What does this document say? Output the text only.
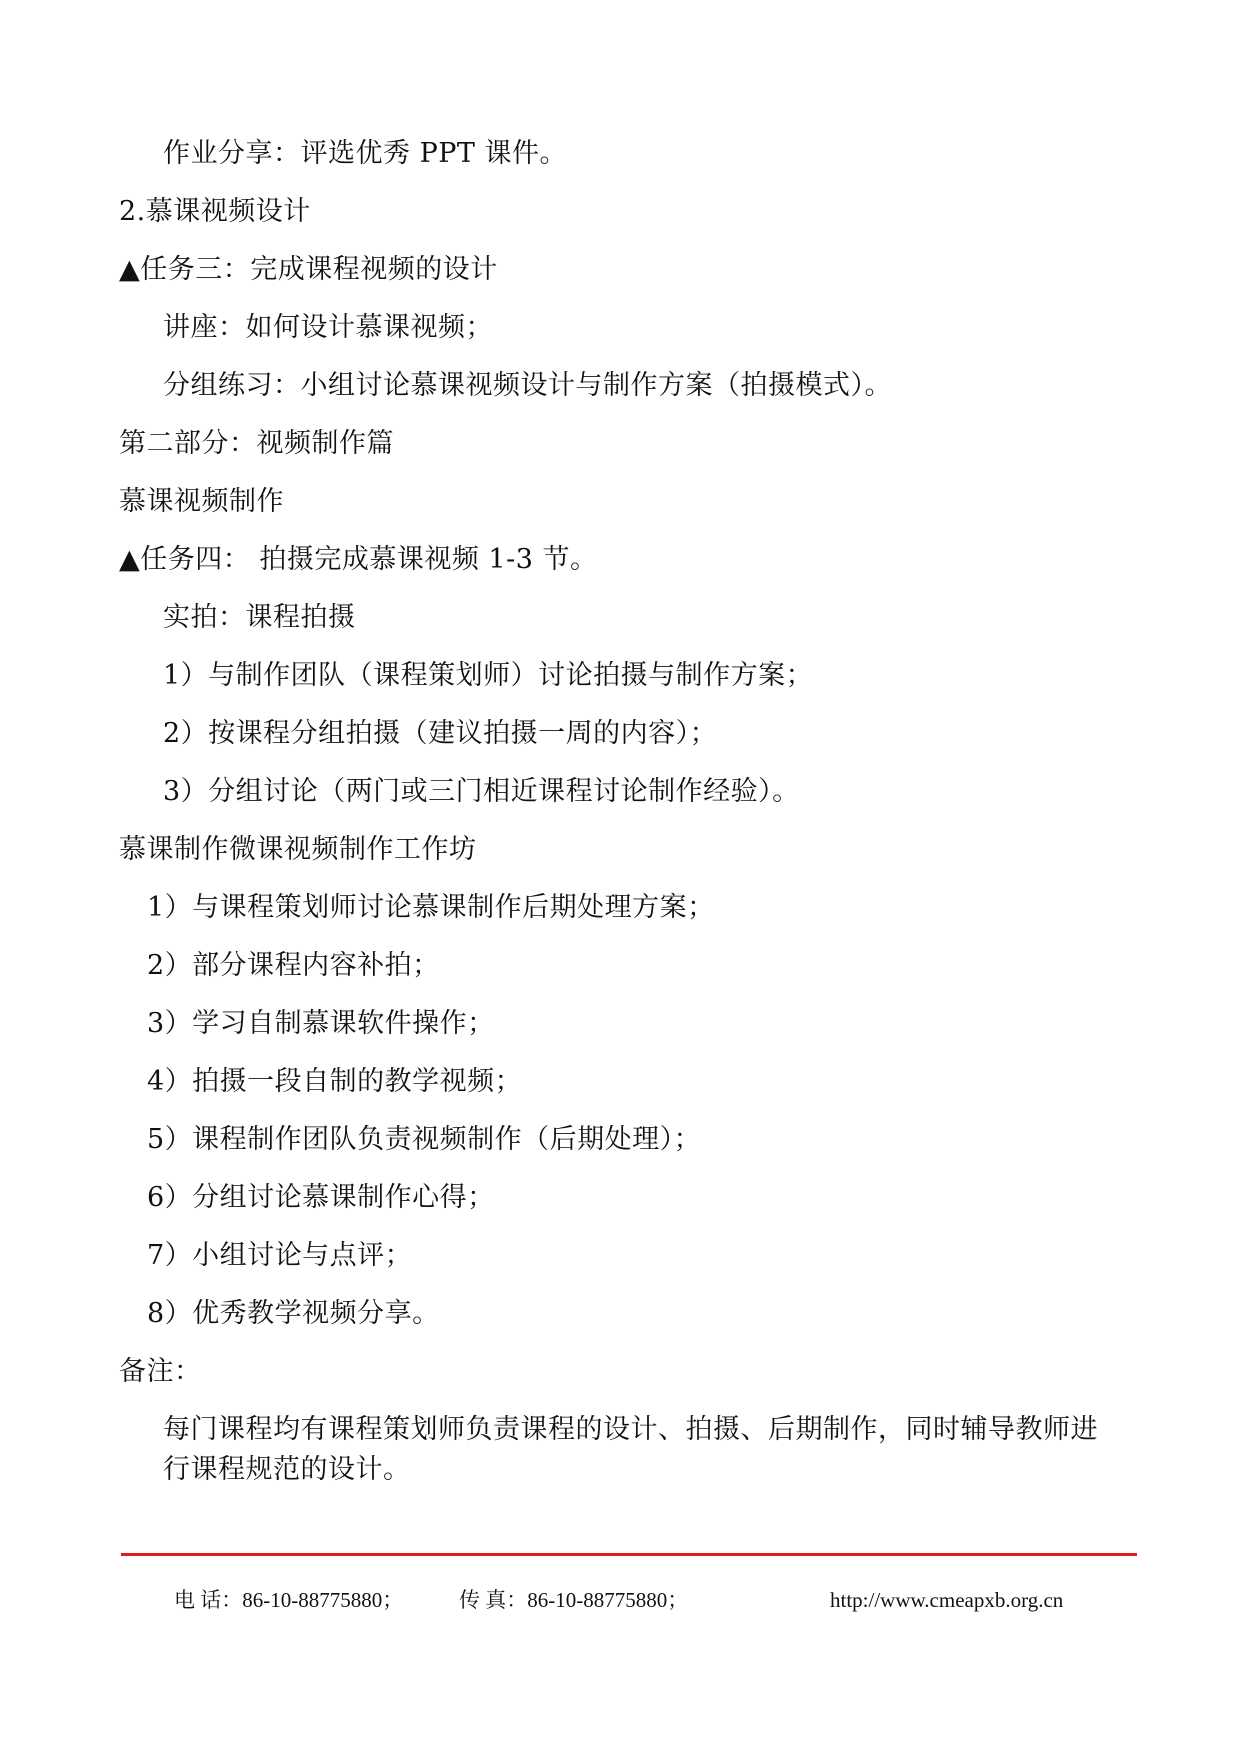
作业分享：评选优秀 PPT 课件。
2.慕课视频设计
▲任务三：完成课程视频的设计
讲座：如何设计慕课视频；
分组练习：小组讨论慕课视频设计与制作方案（拍摄模式）。
第二部分：视频制作篇
慕课视频制作
▲任务四： 拍摄完成慕课视频 1-3 节。
实拍：课程拍摄
1）与制作团队（课程策划师）讨论拍摄与制作方案；
2）按课程分组拍摄（建议拍摄一周的内容）；
3）分组讨论（两门或三门相近课程讨论制作经验）。
慕课制作微课视频制作工作坊
1）与课程策划师讨论慕课制作后期处理方案；
2）部分课程内容补拍；
3）学习自制慕课软件操作；
4）拍摄一段自制的教学视频；
5）课程制作团队负责视频制作（后期处理）；
6）分组讨论慕课制作心得；
7）小组讨论与点评；
8）优秀教学视频分享。
备注：
每门课程均有课程策划师负责课程的设计、拍摄、后期制作，同时辅导教师进行课程规范的设计。
电 话：86-10-88775880；	传 真：86-10-88775880；	http://www.cmeapxb.org.cn
